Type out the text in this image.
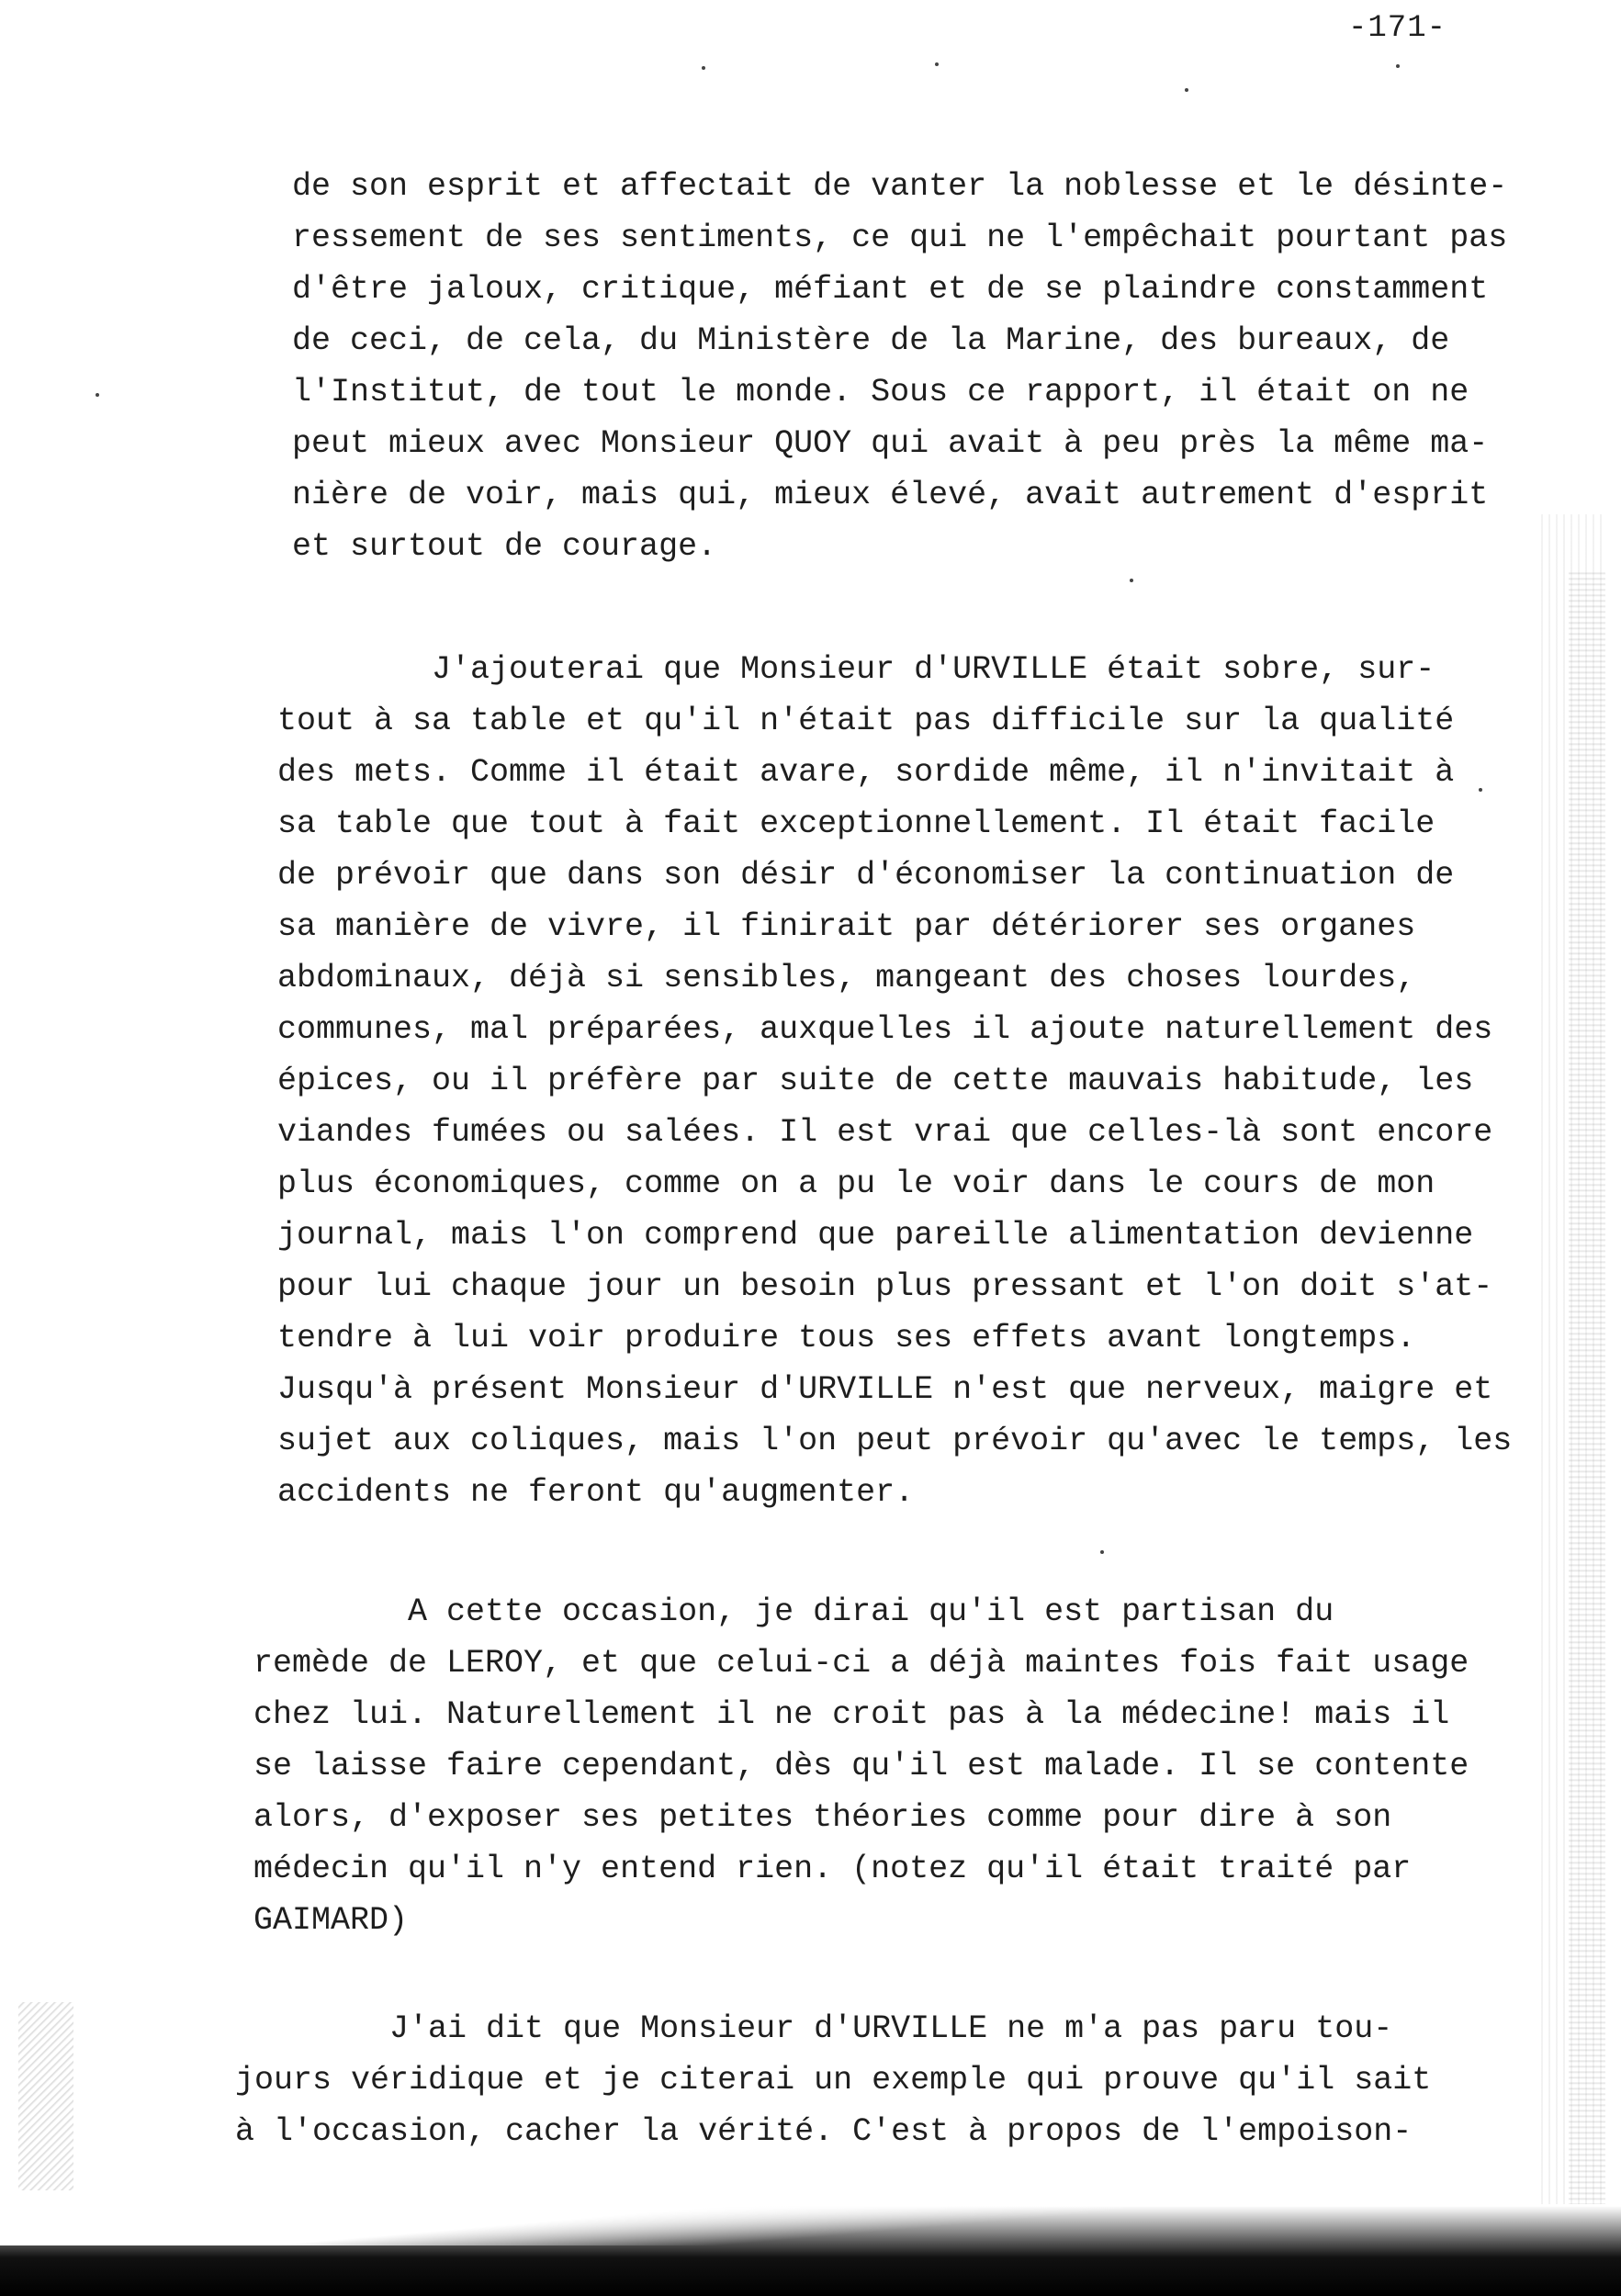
-171-
de son esprit et affectait de vanter la noblesse et le désinte-
ressement de ses sentiments, ce qui ne l'empêchait pourtant pas
d'être jaloux, critique, méfiant et de se plaindre constamment
de ceci, de cela, du Ministère de la Marine, des bureaux, de
l'Institut, de tout le monde. Sous ce rapport, il était on ne
peut mieux avec Monsieur QUOY qui avait à peu près la même ma-
nière de voir, mais qui, mieux élevé, avait autrement d'esprit
et surtout de courage.
J'ajouterai que Monsieur d'URVILLE était sobre, sur-
tout à sa table et qu'il n'était pas difficile sur la qualité
des mets. Comme il était avare, sordide même, il n'invitait à
sa table que tout à fait exceptionnellement. Il était facile
de prévoir que dans son désir d'économiser la continuation de
sa manière de vivre, il finirait par détériorer ses organes
abdominaux, déjà si sensibles, mangeant des choses lourdes,
communes, mal préparées, auxquelles il ajoute naturellement des
épices, ou il préfère par suite de cette mauvais habitude, les
viandes fumées ou salées. Il est vrai que celles-là sont encore
plus économiques, comme on a pu le voir dans le cours de mon
journal, mais l'on comprend que pareille alimentation devienne
pour lui chaque jour un besoin plus pressant et l'on doit s'at-
tendre à lui voir produire tous ses effets avant longtemps.
Jusqu'à présent Monsieur d'URVILLE n'est que nerveux, maigre et
sujet aux coliques, mais l'on peut prévoir qu'avec le temps, les
accidents ne feront qu'augmenter.
A cette occasion, je dirai qu'il est partisan du
remède de LEROY, et que celui-ci a déjà maintes fois fait usage
chez lui. Naturellement il ne croit pas à la médecine! mais il
se laisse faire cependant, dès qu'il est malade. Il se contente
alors, d'exposer ses petites théories comme pour dire à son
médecin qu'il n'y entend rien. (notez qu'il était traité par
GAIMARD)
J'ai dit que Monsieur d'URVILLE ne m'a pas paru tou-
jours véridique et je citerai un exemple qui prouve qu'il sait
à l'occasion, cacher la vérité. C'est à propos de l'empoison-
